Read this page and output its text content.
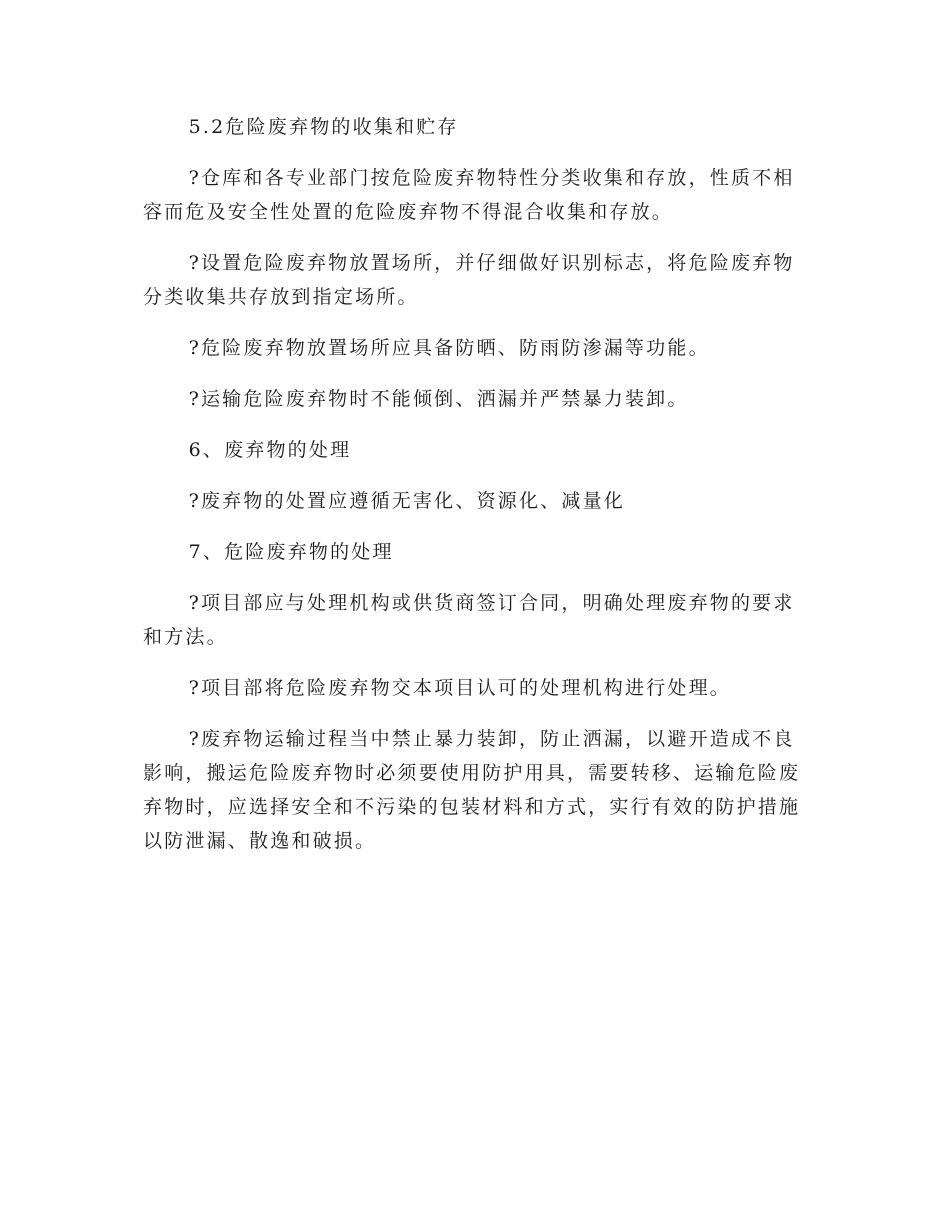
5.2危险废弃物的收集和贮存

?仓库和各专业部门按危险废弃物特性分类收集和存放，性质不相容而危及安全性处置的危险废弃物不得混合收集和存放。

?设置危险废弃物放置场所，并仔细做好识别标志，将危险废弃物分类收集共存放到指定场所。

?危险废弃物放置场所应具备防晒、防雨防渗漏等功能。

?运输危险废弃物时不能倾倒、洒漏并严禁暴力装卸。

6、废弃物的处理

?废弃物的处置应遵循无害化、资源化、减量化

7、危险废弃物的处理

?项目部应与处理机构或供货商签订合同，明确处理废弃物的要求和方法。

?项目部将危险废弃物交本项目认可的处理机构进行处理。

?废弃物运输过程当中禁止暴力装卸，防止洒漏，以避开造成不良影响，搬运危险废弃物时必须要使用防护用具，需要转移、运输危险废弃物时，应选择安全和不污染的包装材料和方式，实行有效的防护措施以防泄漏、散逸和破损。
